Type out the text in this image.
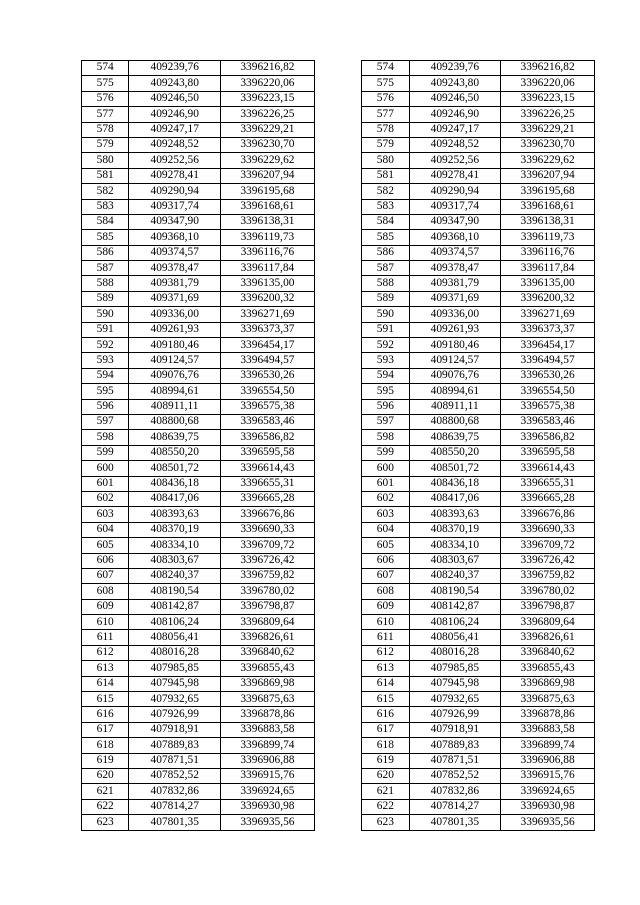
574	409239,76	3396216,82		574	409239,76	3396216,82
575	409243,80	3396220,06		575	409243,80	3396220,06
576	409246,50	3396223,15		576	409246,50	3396223,15
577	409246,90	3396226,25		577	409246,90	3396226,25
578	409247,17	3396229,21		578	409247,17	3396229,21
579	409248,52	3396230,70		579	409248,52	3396230,70
580	409252,56	3396229,62		580	409252,56	3396229,62
581	409278,41	3396207,94		581	409278,41	3396207,94
582	409290,94	3396195,68		582	409290,94	3396195,68
583	409317,74	3396168,61		583	409317,74	3396168,61
584	409347,90	3396138,31		584	409347,90	3396138,31
585	409368,10	3396119,73		585	409368,10	3396119,73
586	409374,57	3396116,76		586	409374,57	3396116,76
587	409378,47	3396117,84		587	409378,47	3396117,84
588	409381,79	3396135,00		588	409381,79	3396135,00
589	409371,69	3396200,32		589	409371,69	3396200,32
590	409336,00	3396271,69		590	409336,00	3396271,69
591	409261,93	3396373,37		591	409261,93	3396373,37
592	409180,46	3396454,17		592	409180,46	3396454,17
593	409124,57	3396494,57		593	409124,57	3396494,57
594	409076,76	3396530,26		594	409076,76	3396530,26
595	408994,61	3396554,50		595	408994,61	3396554,50
596	408911,11	3396575,38		596	408911,11	3396575,38
597	408800,68	3396583,46		597	408800,68	3396583,46
598	408639,75	3396586,82		598	408639,75	3396586,82
599	408550,20	3396595,58		599	408550,20	3396595,58
600	408501,72	3396614,43		600	408501,72	3396614,43
601	408436,18	3396655,31		601	408436,18	3396655,31
602	408417,06	3396665,28		602	408417,06	3396665,28
603	408393,63	3396676,86		603	408393,63	3396676,86
604	408370,19	3396690,33		604	408370,19	3396690,33
605	408334,10	3396709,72		605	408334,10	3396709,72
606	408303,67	3396726,42		606	408303,67	3396726,42
607	408240,37	3396759,82		607	408240,37	3396759,82
608	408190,54	3396780,02		608	408190,54	3396780,02
609	408142,87	3396798,87		609	408142,87	3396798,87
610	408106,24	3396809,64		610	408106,24	3396809,64
611	408056,41	3396826,61		611	408056,41	3396826,61
612	408016,28	3396840,62		612	408016,28	3396840,62
613	407985,85	3396855,43		613	407985,85	3396855,43
614	407945,98	3396869,98		614	407945,98	3396869,98
615	407932,65	3396875,63		615	407932,65	3396875,63
616	407926,99	3396878,86		616	407926,99	3396878,86
617	407918,91	3396883,58		617	407918,91	3396883,58
618	407889,83	3396899,74		618	407889,83	3396899,74
619	407871,51	3396906,88		619	407871,51	3396906,88
620	407852,52	3396915,76		620	407852,52	3396915,76
621	407832,86	3396924,65		621	407832,86	3396924,65
622	407814,27	3396930,98		622	407814,27	3396930,98
623	407801,35	3396935,56		623	407801,35	3396935,56
